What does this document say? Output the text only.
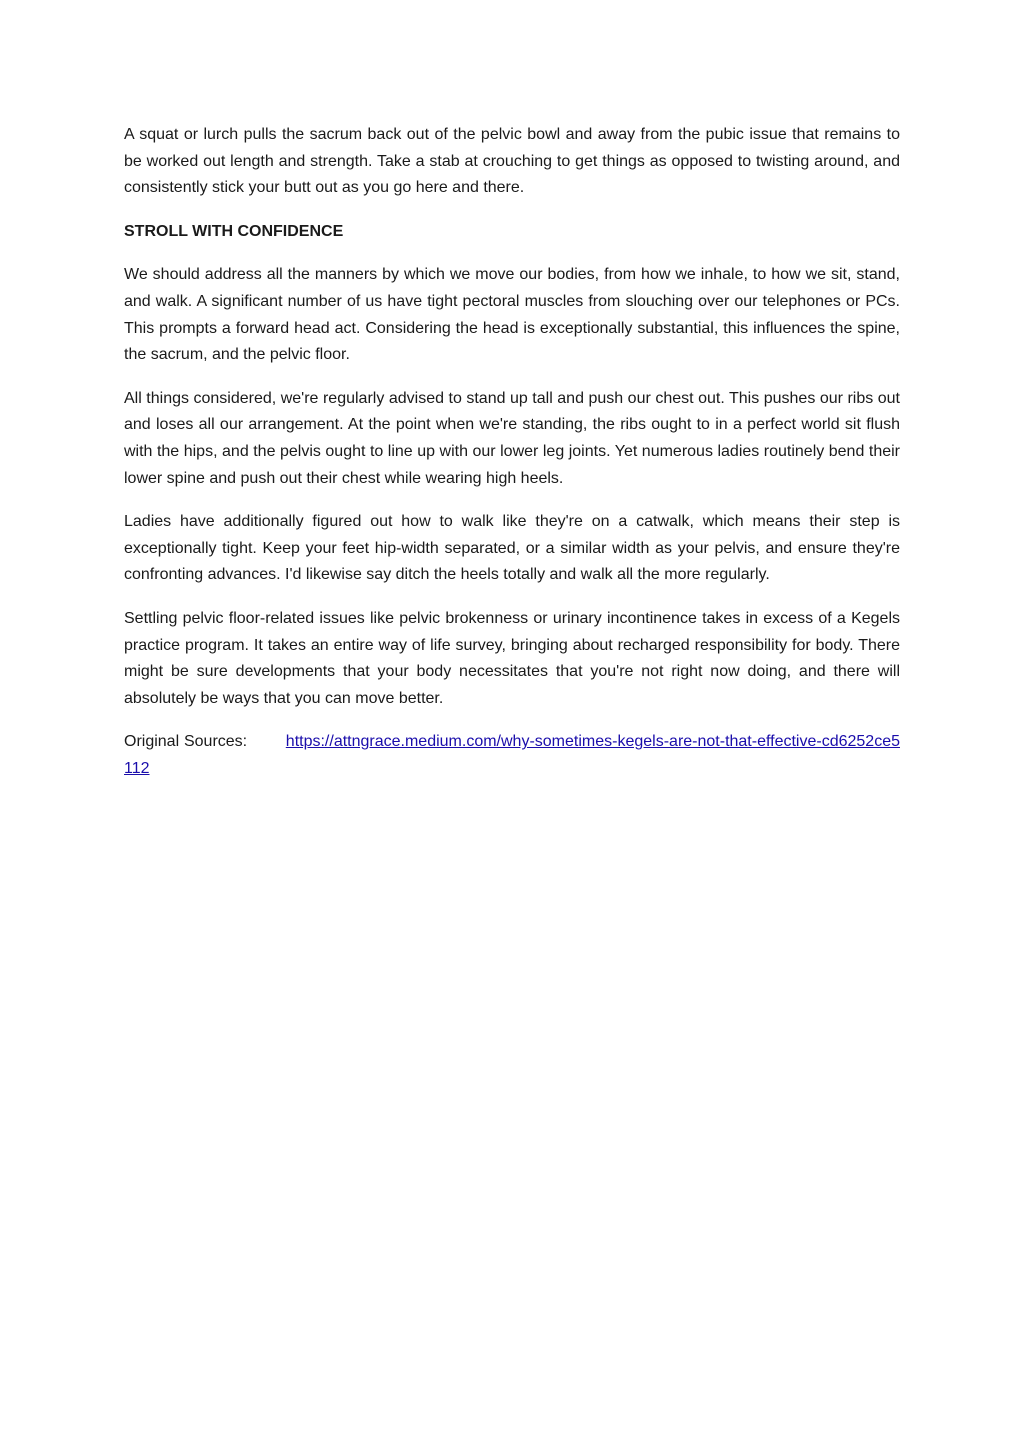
A squat or lurch pulls the sacrum back out of the pelvic bowl and away from the pubic issue that remains to be worked out length and strength. Take a stab at crouching to get things as opposed to twisting around, and consistently stick your butt out as you go here and there.

STROLL WITH CONFIDENCE

We should address all the manners by which we move our bodies, from how we inhale, to how we sit, stand, and walk. A significant number of us have tight pectoral muscles from slouching over our telephones or PCs. This prompts a forward head act. Considering the head is exceptionally substantial, this influences the spine, the sacrum, and the pelvic floor.

All things considered, we're regularly advised to stand up tall and push our chest out. This pushes our ribs out and loses all our arrangement. At the point when we're standing, the ribs ought to in a perfect world sit flush with the hips, and the pelvis ought to line up with our lower leg joints. Yet numerous ladies routinely bend their lower spine and push out their chest while wearing high heels.

Ladies have additionally figured out how to walk like they're on a catwalk, which means their step is exceptionally tight. Keep your feet hip-width separated, or a similar width as your pelvis, and ensure they're confronting advances. I'd likewise say ditch the heels totally and walk all the more regularly.

Settling pelvic floor-related issues like pelvic brokenness or urinary incontinence takes in excess of a Kegels practice program. It takes an entire way of life survey, bringing about recharged responsibility for body. There might be sure developments that your body necessitates that you're not right now doing, and there will absolutely be ways that you can move better.

Original Sources: https://attngrace.medium.com/why-sometimes-kegels-are-not-that-effective-cd6252ce5112
